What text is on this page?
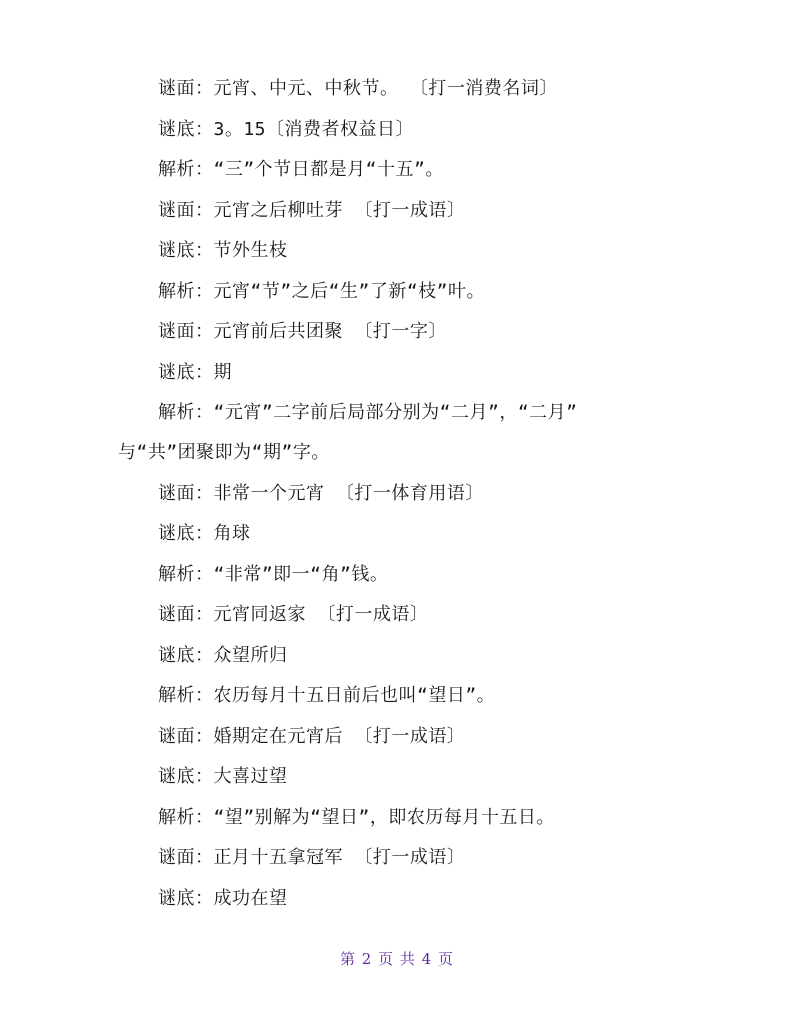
谜面：元宵、中元、中秋节。 〔打一消费名词〕
谜底：3。15〔消费者权益日〕
解析：“三”个节日都是月“十五”。
谜面：元宵之后柳吐芽 〔打一成语〕
谜底：节外生枝
解析：元宵“节”之后“生”了新“枝”叶。
谜面：元宵前后共团聚 〔打一字〕
谜底：期
解析：“元宵”二字前后局部分别为“二月”，“二月”
与“共”团聚即为“期”字。
谜面：非常一个元宵 〔打一体育用语〕
谜底：角球
解析：“非常”即一“角”钱。
谜面：元宵同返家 〔打一成语〕
谜底：众望所归
解析：农历每月十五日前后也叫“望日”。
谜面：婚期定在元宵后 〔打一成语〕
谜底：大喜过望
解析：“望”别解为“望日”，即农历每月十五日。
谜面：正月十五拿冠军 〔打一成语〕
谜底：成功在望
第 2 页 共 4 页
